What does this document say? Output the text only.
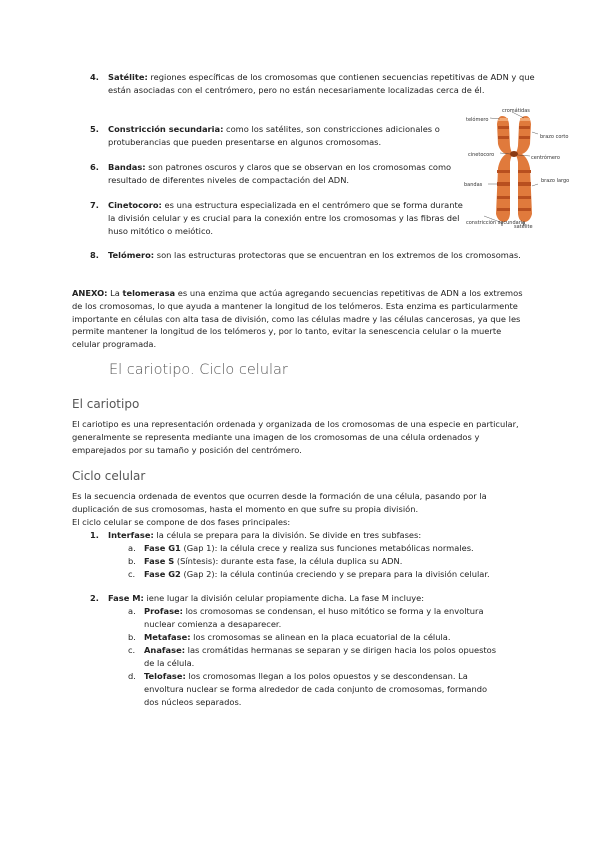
4. Satélite: regiones específicas de los cromosomas que contienen secuencias repetitivas de ADN y que están asociadas con el centrómero, pero no están necesariamente localizadas cerca de él.
5. Constricción secundaria: como los satélites, son constricciones adicionales o protuberancias que pueden presentarse en algunos cromosomas.
6. Bandas: son patrones oscuros y claros que se observan en los cromosomas como resultado de diferentes niveles de compactación del ADN.
7. Cinetocoro: es una estructura especializada en el centrómero que se forma durante la división celular y es crucial para la conexión entre los cromosomas y las fibras del huso mitótico o meiótico.
8. Telómero: son las estructuras protectoras que se encuentran en los extremos de los cromosomas.
cromátidas
telómero
brazo corto
cinetocoro	centrómero
bandas
brazo largo
constricción secundaria
satélite
ANEXO: La telomerasa es una enzima que actúa agregando secuencias repetitivas de ADN a los extremos de los cromosomas, lo que ayuda a mantener la longitud de los telómeros. Esta enzima es particularmente importante en células con alta tasa de división, como las células madre y las células cancerosas, ya que les permite mantener la longitud de los telómeros y, por lo tanto, evitar la senescencia celular o la muerte celular programada.
El cariotipo. Ciclo celular
El cariotipo
El cariotipo es una representación ordenada y organizada de los cromosomas de una especie en particular, generalmente se representa mediante una imagen de los cromosomas de una célula ordenados y emparejados por su tamaño y posición del centrómero.
Ciclo celular
Es la secuencia ordenada de eventos que ocurren desde la formación de una célula, pasando por la duplicación de sus cromosomas, hasta el momento en que sufre su propia división.
El ciclo celular se compone de dos fases principales:
1. Interfase: la célula se prepara para la división. Se divide en tres subfases:
a. Fase G1 (Gap 1): la célula crece y realiza sus funciones metabólicas normales.
b. Fase S (Síntesis): durante esta fase, la célula duplica su ADN.
c. Fase G2 (Gap 2): la célula continúa creciendo y se prepara para la división celular.
2. Fase M: iene lugar la división celular propiamente dicha. La fase M incluye:
a. Profase: los cromosomas se condensan, el huso mitótico se forma y la envoltura nuclear comienza a desaparecer.
b. Metafase: los cromosomas se alinean en la placa ecuatorial de la célula.
c. Anafase: las cromátidas hermanas se separan y se dirigen hacia los polos opuestos de la célula.
d. Telofase: los cromosomas llegan a los polos opuestos y se descondensan. La envoltura nuclear se forma alrededor de cada conjunto de cromosomas, formando dos núcleos separados.
